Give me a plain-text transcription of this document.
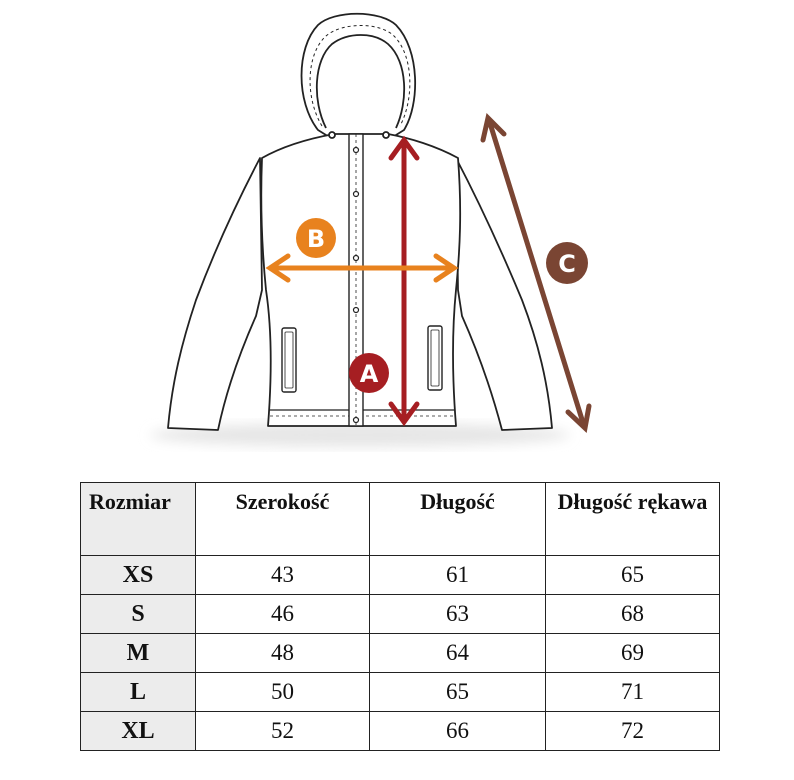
A
B
C
Rozmiar	Szerokość	Długość	Długość rękawa
XS	43	61	65
S	46	63	68
M	48	64	69
L	50	65	71
XL	52	66	72
